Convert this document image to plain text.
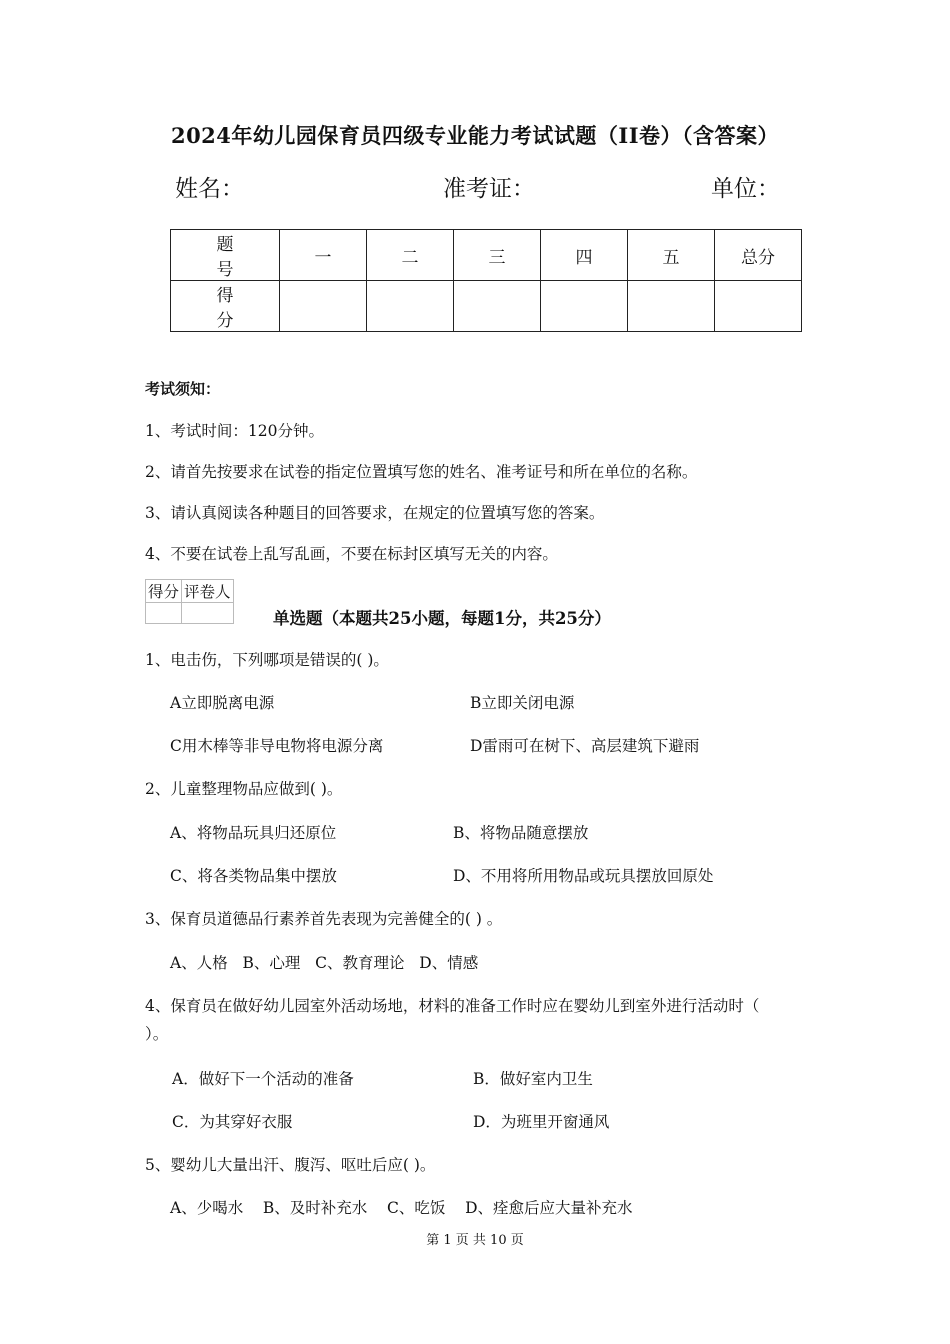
2024年幼儿园保育员四级专业能力考试试题（II卷）（含答案）
姓名：	准考证：	单位：
题 号	一	二	三	四	五	总分
得 分						
考试须知：
1、考试时间：120分钟。
2、请首先按要求在试卷的指定位置填写您的姓名、准考证号和所在单位的名称。
3、请认真阅读各种题目的回答要求，在规定的位置填写您的答案。
4、不要在试卷上乱写乱画，不要在标封区填写无关的内容。
得分	评卷人

单选题（本题共25小题，每题1分，共25分）
1、电击伤，下列哪项是错误的( )。
A立即脱离电源	B立即关闭电源
C用木棒等非导电物将电源分离	D雷雨可在树下、高层建筑下避雨
2、儿童整理物品应做到( )。
A、将物品玩具归还原位	B、将物品随意摆放
C、将各类物品集中摆放	D、不用将所用物品或玩具摆放回原处
3、保育员道德品行素养首先表现为完善健全的( ) 。
A、人格   B、心理   C、教育理论   D、情感
4、保育员在做好幼儿园室外活动场地，材料的准备工作时应在婴幼儿到室外进行活动时（
）。
A．做好下一个活动的准备	B．做好室内卫生
C．为其穿好衣服	D．为班里开窗通风
5、婴幼儿大量出汗、腹泻、呕吐后应( )。
A、少喝水    B、及时补充水    C、吃饭    D、痊愈后应大量补充水
第 1 页 共 10 页
